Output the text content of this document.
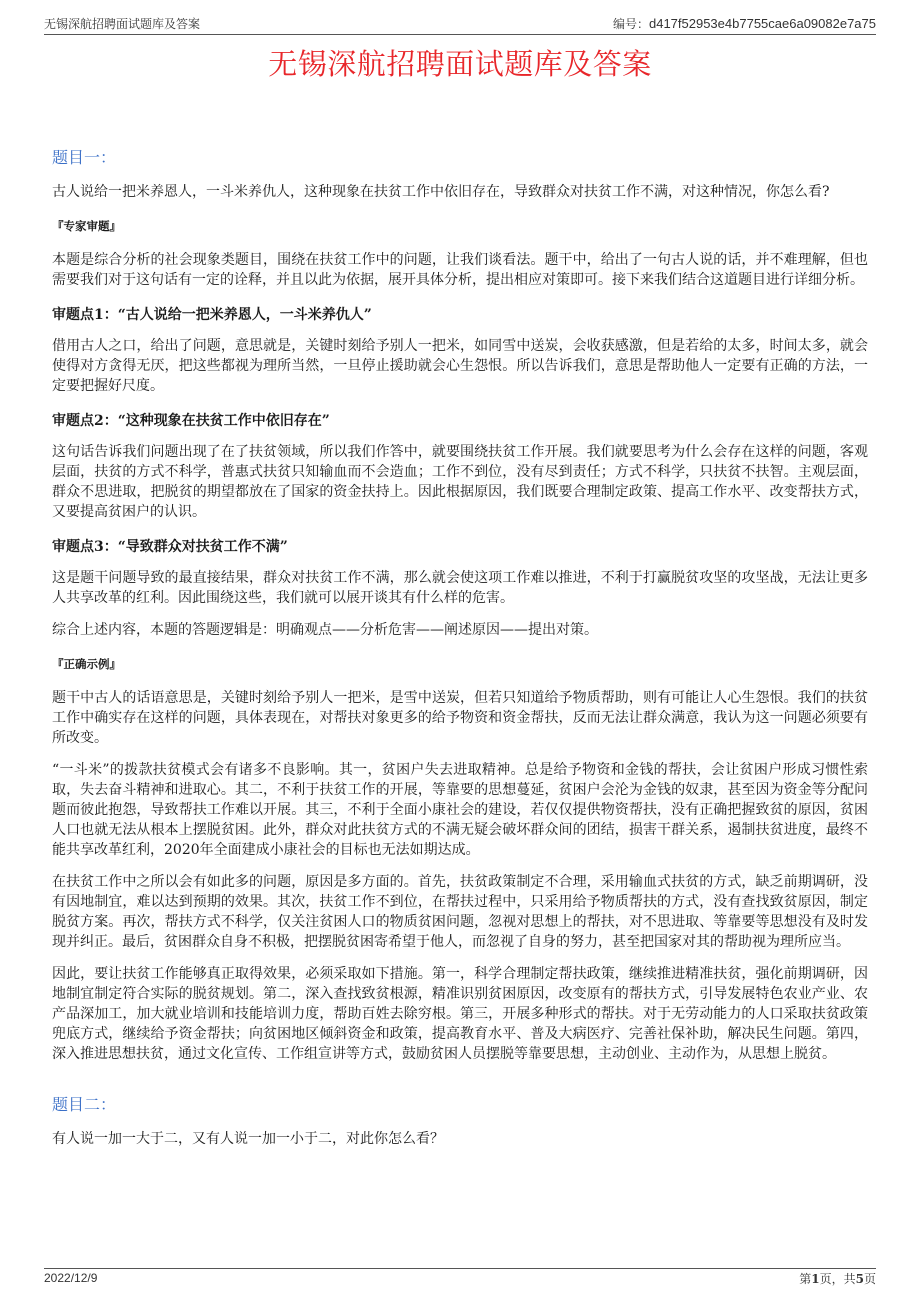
无锡深航招聘面试题库及答案	编号：d417f52953e4b7755cae6a09082e7a75
无锡深航招聘面试题库及答案
题目一：

古人说给一把米养恩人，一斗米养仇人，这种现象在扶贫工作中依旧存在，导致群众对扶贫工作不满，对这种情况，你怎么看?

『专家审题』

本题是综合分析的社会现象类题目，围绕在扶贫工作中的问题，让我们谈看法。题干中，给出了一句古人说的话，并不难理解，但也需要我们对于这句话有一定的诠释，并且以此为依据，展开具体分析，提出相应对策即可。接下来我们结合这道题目进行详细分析。

审题点1：“古人说给一把米养恩人，一斗米养仇人”

借用古人之口，给出了问题，意思就是，关键时刻给予别人一把米，如同雪中送炭，会收获感激，但是若给的太多，时间太多，就会使得对方贪得无厌，把这些都视为理所当然，一旦停止援助就会心生怨恨。所以告诉我们，意思是帮助他人一定要有正确的方法，一定要把握好尺度。

审题点2：“这种现象在扶贫工作中依旧存在”

这句话告诉我们问题出现了在了扶贫领域，所以我们作答中，就要围绕扶贫工作开展。我们就要思考为什么会存在这样的问题，客观层面，扶贫的方式不科学，普惠式扶贫只知输血而不会造血；工作不到位，没有尽到责任；方式不科学，只扶贫不扶智。主观层面，群众不思进取，把脱贫的期望都放在了国家的资金扶持上。因此根据原因，我们既要合理制定政策、提高工作水平、改变帮扶方式，又要提高贫困户的认识。

审题点3：“导致群众对扶贫工作不满”

这是题干问题导致的最直接结果，群众对扶贫工作不满，那么就会使这项工作难以推进，不利于打赢脱贫攻坚的攻坚战，无法让更多人共享改革的红利。因此围绕这些，我们就可以展开谈其有什么样的危害。

综合上述内容，本题的答题逻辑是：明确观点——分析危害——阐述原因——提出对策。

『正确示例』

题干中古人的话语意思是，关键时刻给予别人一把米，是雪中送炭，但若只知道给予物质帮助，则有可能让人心生怨恨。我们的扶贫工作中确实存在这样的问题，具体表现在，对帮扶对象更多的给予物资和资金帮扶，反而无法让群众满意，我认为这一问题必须要有所改变。

“一斗米”的拨款扶贫模式会有诸多不良影响。其一，贫困户失去进取精神。总是给予物资和金钱的帮扶，会让贫困户形成习惯性索取，失去奋斗精神和进取心。其二，不利于扶贫工作的开展，等靠要的思想蔓延，贫困户会沦为金钱的奴隶，甚至因为资金等分配问题而彼此抱怨，导致帮扶工作难以开展。其三，不利于全面小康社会的建设，若仅仅提供物资帮扶，没有正确把握致贫的原因，贫困人口也就无法从根本上摆脱贫困。此外，群众对此扶贫方式的不满无疑会破坏群众间的团结，损害干群关系，遏制扶贫进度，最终不能共享改革红利，2020年全面建成小康社会的目标也无法如期达成。

在扶贫工作中之所以会有如此多的问题，原因是多方面的。首先，扶贫政策制定不合理，采用输血式扶贫的方式，缺乏前期调研，没有因地制宜，难以达到预期的效果。其次，扶贫工作不到位，在帮扶过程中，只采用给予物质帮扶的方式，没有查找致贫原因，制定脱贫方案。再次，帮扶方式不科学，仅关注贫困人口的物质贫困问题，忽视对思想上的帮扶，对不思进取、等靠要等思想没有及时发现并纠正。最后，贫困群众自身不积极，把摆脱贫困寄希望于他人，而忽视了自身的努力，甚至把国家对其的帮助视为理所应当。

因此，要让扶贫工作能够真正取得效果，必须采取如下措施。第一，科学合理制定帮扶政策，继续推进精准扶贫，强化前期调研，因地制宜制定符合实际的脱贫规划。第二，深入查找致贫根源，精准识别贫困原因，改变原有的帮扶方式，引导发展特色农业产业、农产品深加工，加大就业培训和技能培训力度，帮助百姓去除穷根。第三，开展多种形式的帮扶。对于无劳动能力的人口采取扶贫政策兜底方式，继续给予资金帮扶；向贫困地区倾斜资金和政策，提高教育水平、普及大病医疗、完善社保补助，解决民生问题。第四，深入推进思想扶贫，通过文化宣传、工作组宣讲等方式，鼓励贫困人员摆脱等靠要思想，主动创业、主动作为，从思想上脱贫。

题目二：

有人说一加一大于二，又有人说一加一小于二，对此你怎么看？

2022/12/9	第1页，共5页
